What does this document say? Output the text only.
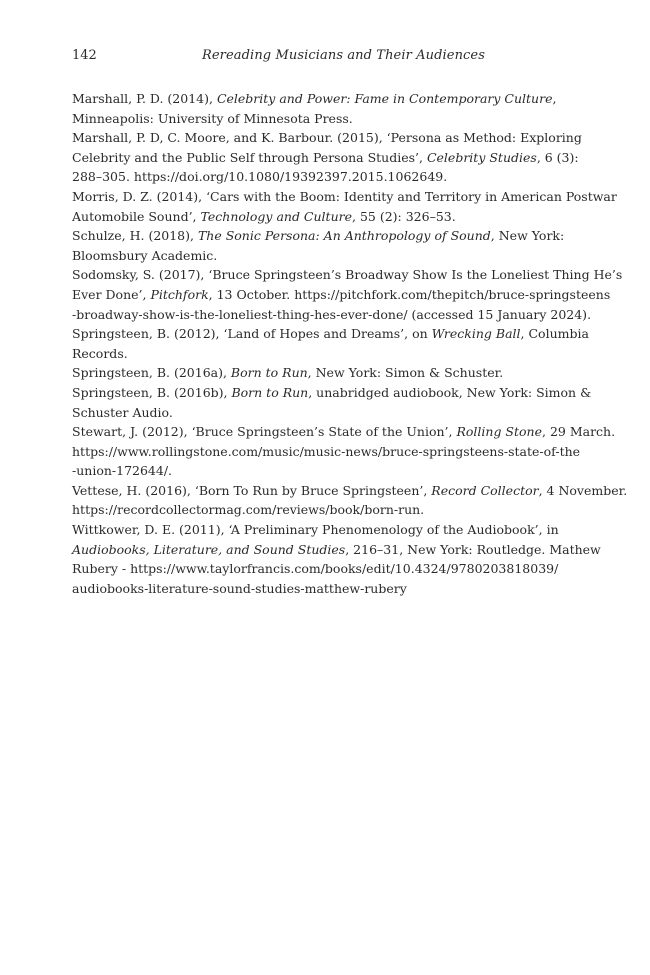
142	Rereading Musicians and Their Audiences

Marshall, P. D. (2014), Celebrity and Power: Fame in Contemporary Culture,
Minneapolis: University of Minnesota Press.

Marshall, P. D, C. Moore, and K. Barbour. (2015), ‘Persona as Method: Exploring
Celebrity and the Public Self through Persona Studies’, Celebrity Studies, 6 (3):
288–305. https://doi.org/10.1080/19392397.2015.1062649.

Morris, D. Z. (2014), ‘Cars with the Boom: Identity and Territory in American Postwar
Automobile Sound’, Technology and Culture, 55 (2): 326–53.

Schulze, H. (2018), The Sonic Persona: An Anthropology of Sound, New York:
Bloomsbury Academic.

Sodomsky, S. (2017), ‘Bruce Springsteen’s Broadway Show Is the Loneliest Thing He’s
Ever Done’, Pitchfork, 13 October. https://pitchfork.com/thepitch/bruce-springsteens
-broadway-show-is-the-loneliest-thing-hes-ever-done/ (accessed 15 January 2024).

Springsteen, B. (2012), ‘Land of Hopes and Dreams’, on Wrecking Ball, Columbia
Records.

Springsteen, B. (2016a), Born to Run, New York: Simon & Schuster.

Springsteen, B. (2016b), Born to Run, unabridged audiobook, New York: Simon &
Schuster Audio.

Stewart, J. (2012), ‘Bruce Springsteen’s State of the Union’, Rolling Stone, 29 March.
https://www.rollingstone.com/music/music-news/bruce-springsteens-state-of-the
-union-172644/.

Vettese, H. (2016), ‘Born To Run by Bruce Springsteen’, Record Collector, 4 November.
https://recordcollectormag.com/reviews/book/born-run.

Wittkower, D. E. (2011), ‘A Preliminary Phenomenology of the Audiobook’, in
Audiobooks, Literature, and Sound Studies, 216–31, New York: Routledge. Mathew
Rubery - https://www.taylorfrancis.com/books/edit/10.4324/9780203818039/
audiobooks-literature-sound-studies-matthew-rubery
